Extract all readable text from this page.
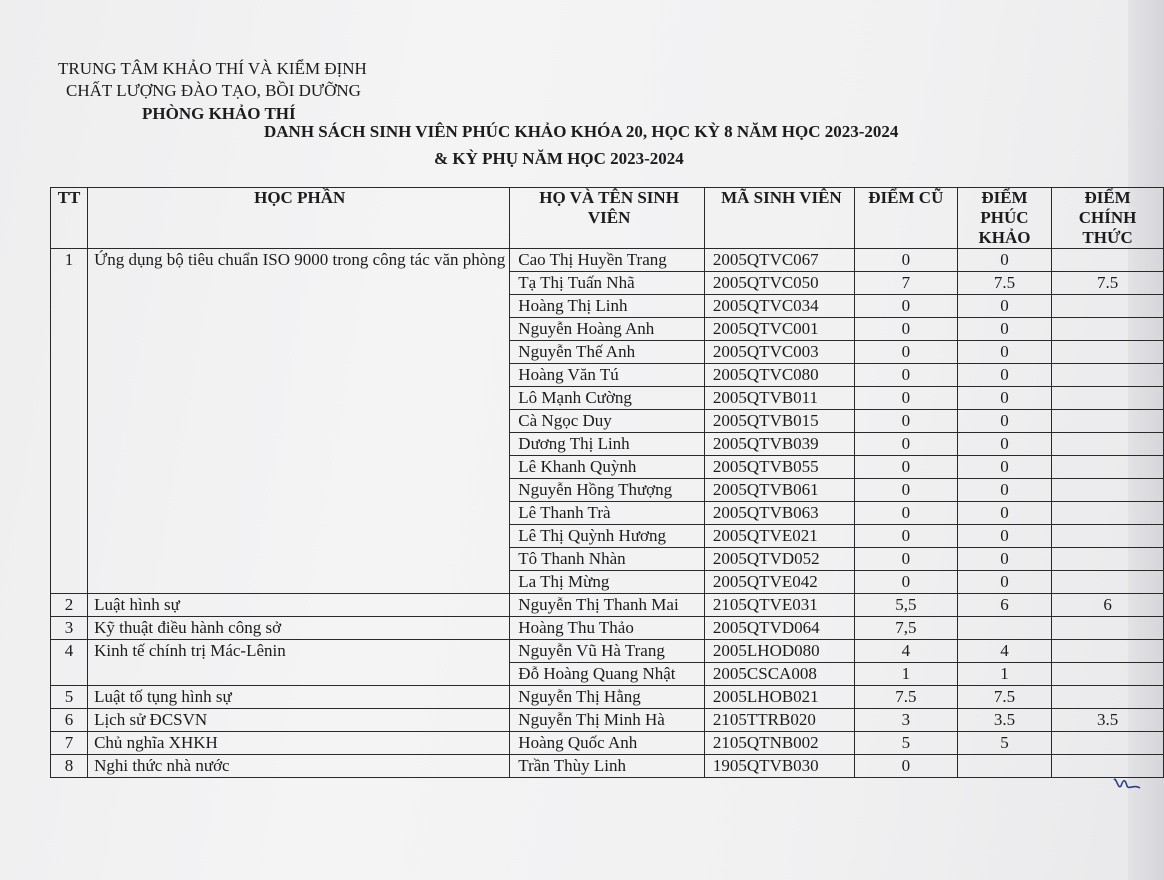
TRUNG TÂM KHẢO THÍ VÀ KIỂM ĐỊNH
CHẤT LƯỢNG ĐÀO TẠO, BỒI DƯỠNG
PHÒNG KHẢO THÍ
DANH SÁCH SINH VIÊN PHÚC KHẢO KHÓA 20, HỌC KỲ 8 NĂM HỌC 2023-2024
& KỲ PHỤ NĂM HỌC 2023-2024
TT	HỌC PHẦN	HỌ VÀ TÊN SINH VIÊN	MÃ SINH VIÊN	ĐIỂM CŨ	ĐIỂM PHÚC KHẢO	ĐIỂM CHÍNH THỨC
1	Ứng dụng bộ tiêu chuẩn ISO 9000 trong công tác văn phòng	Cao Thị Huyền Trang	2005QTVC067	0	0	
		Tạ Thị Tuấn Nhã	2005QTVC050	7	7.5	7.5
		Hoàng Thị Linh	2005QTVC034	0	0	
		Nguyễn Hoàng Anh	2005QTVC001	0	0	
		Nguyễn Thế Anh	2005QTVC003	0	0	
		Hoàng Văn Tú	2005QTVC080	0	0	
		Lô Mạnh Cường	2005QTVB011	0	0	
		Cà Ngọc Duy	2005QTVB015	0	0	
		Dương Thị Linh	2005QTVB039	0	0	
		Lê Khanh Quỳnh	2005QTVB055	0	0	
		Nguyễn Hồng Thượng	2005QTVB061	0	0	
		Lê Thanh Trà	2005QTVB063	0	0	
		Lê Thị Quỳnh Hương	2005QTVE021	0	0	
		Tô Thanh Nhàn	2005QTVD052	0	0	
		La Thị Mừng	2005QTVE042	0	0	
2	Luật hình sự	Nguyễn Thị Thanh Mai	2105QTVE031	5,5	6	6
3	Kỹ thuật điều hành công sở	Hoàng Thu Thảo	2005QTVD064	7,5		
4	Kinh tế chính trị Mác-Lênin	Nguyễn Vũ Hà Trang	2005LHOD080	4	4	
		Đỗ Hoàng Quang Nhật	2005CSCA008	1	1	
5	Luật tố tụng hình sự	Nguyễn Thị Hằng	2005LHOB021	7.5	7.5	
6	Lịch sử ĐCSVN	Nguyễn Thị Minh Hà	2105TTRB020	3	3.5	3.5
7	Chủ nghĩa XHKH	Hoàng Quốc Anh	2105QTNB002	5	5	
8	Nghi thức nhà nước	Trần Thùy Linh	1905QTVB030	0		
